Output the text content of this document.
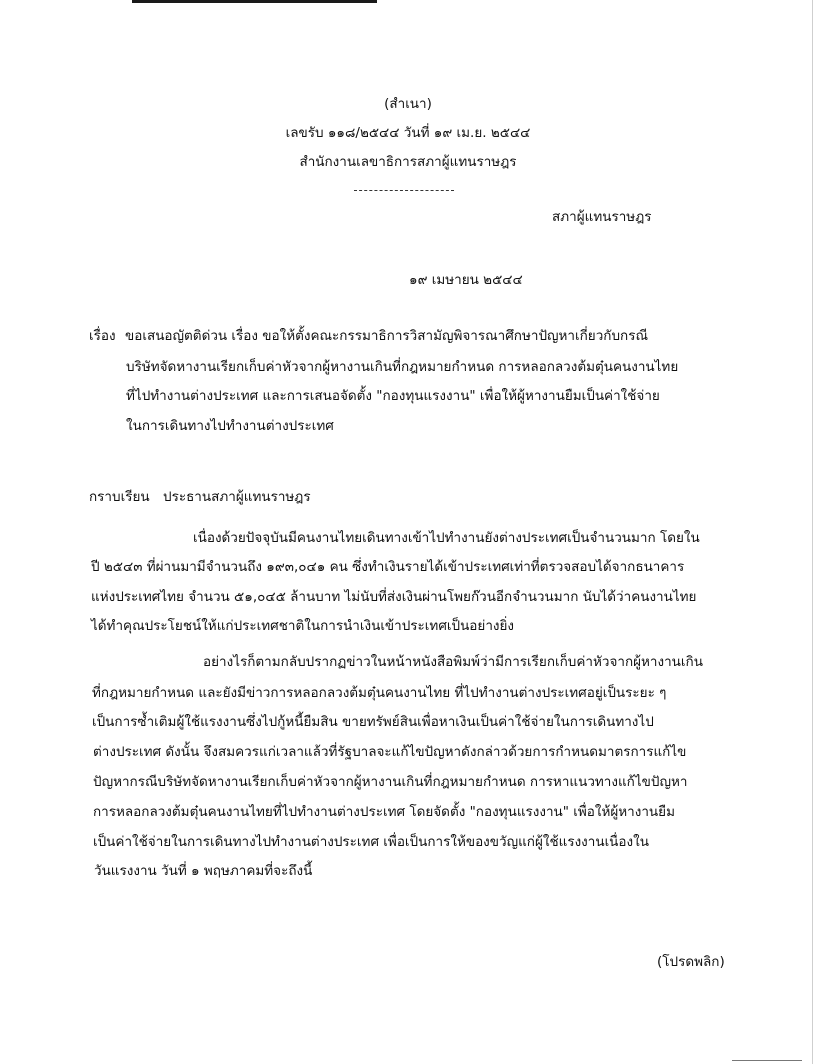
(สำเนา)
เลขรับ ๑๑๘/๒๕๔๔ วันที่ ๑๙ เม.ย. ๒๕๔๔
สำนักงานเลขาธิการสภาผู้แทนราษฎร
สภาผู้แทนราษฎร
๑๙ เมษายน ๒๕๔๔
เรื่อง ขอเสนอญัตติด่วน เรื่อง ขอให้ตั้งคณะกรรมาธิการวิสามัญพิจารณาศึกษาปัญหาเกี่ยวกับกรณี
บริษัทจัดหางานเรียกเก็บค่าหัวจากผู้หางานเกินที่กฎหมายกำหนด การหลอกลวงต้มตุ๋นคนงานไทย
ที่ไปทำงานต่างประเทศ และการเสนอจัดตั้ง "กองทุนแรงงาน" เพื่อให้ผู้หางานยืมเป็นค่าใช้จ่าย
ในการเดินทางไปทำงานต่างประเทศ
กราบเรียน ประธานสภาผู้แทนราษฎร
เนื่องด้วยปัจจุบันมีคนงานไทยเดินทางเข้าไปทำงานยังต่างประเทศเป็นจำนวนมาก โดยใน
ปี ๒๕๔๓ ที่ผ่านมามีจำนวนถึง ๑๙๓,๐๔๑ คน ซึ่งทำเงินรายได้เข้าประเทศเท่าที่ตรวจสอบได้จากธนาคาร
แห่งประเทศไทย จำนวน ๕๑,๐๔๕ ล้านบาท ไม่นับที่ส่งเงินผ่านโพยก๊วนอีกจำนวนมาก นับได้ว่าคนงานไทย
ได้ทำคุณประโยชน์ให้แก่ประเทศชาติในการนำเงินเข้าประเทศเป็นอย่างยิ่ง
อย่างไรก็ตามกลับปรากฏข่าวในหน้าหนังสือพิมพ์ว่ามีการเรียกเก็บค่าหัวจากผู้หางานเกิน
ที่กฎหมายกำหนด และยังมีข่าวการหลอกลวงต้มตุ๋นคนงานไทย ที่ไปทำงานต่างประเทศอยู่เป็นระยะ ๆ
เป็นการซ้ำเติมผู้ใช้แรงงานซึ่งไปกู้หนี้ยืมสิน ขายทรัพย์สินเพื่อหาเงินเป็นค่าใช้จ่ายในการเดินทางไป
ต่างประเทศ ดังนั้น จึงสมควรแก่เวลาแล้วที่รัฐบาลจะแก้ไขปัญหาดังกล่าวด้วยการกำหนดมาตรการแก้ไข
ปัญหากรณีบริษัทจัดหางานเรียกเก็บค่าหัวจากผู้หางานเกินที่กฎหมายกำหนด การหาแนวทางแก้ไขปัญหา
การหลอกลวงต้มตุ๋นคนงานไทยที่ไปทำงานต่างประเทศ โดยจัดตั้ง "กองทุนแรงงาน" เพื่อให้ผู้หางานยืม
เป็นค่าใช้จ่ายในการเดินทางไปทำงานต่างประเทศ เพื่อเป็นการให้ของขวัญแก่ผู้ใช้แรงงานเนื่องใน
วันแรงงาน วันที่ ๑ พฤษภาคมที่จะถึงนี้
(โปรดพลิก)
